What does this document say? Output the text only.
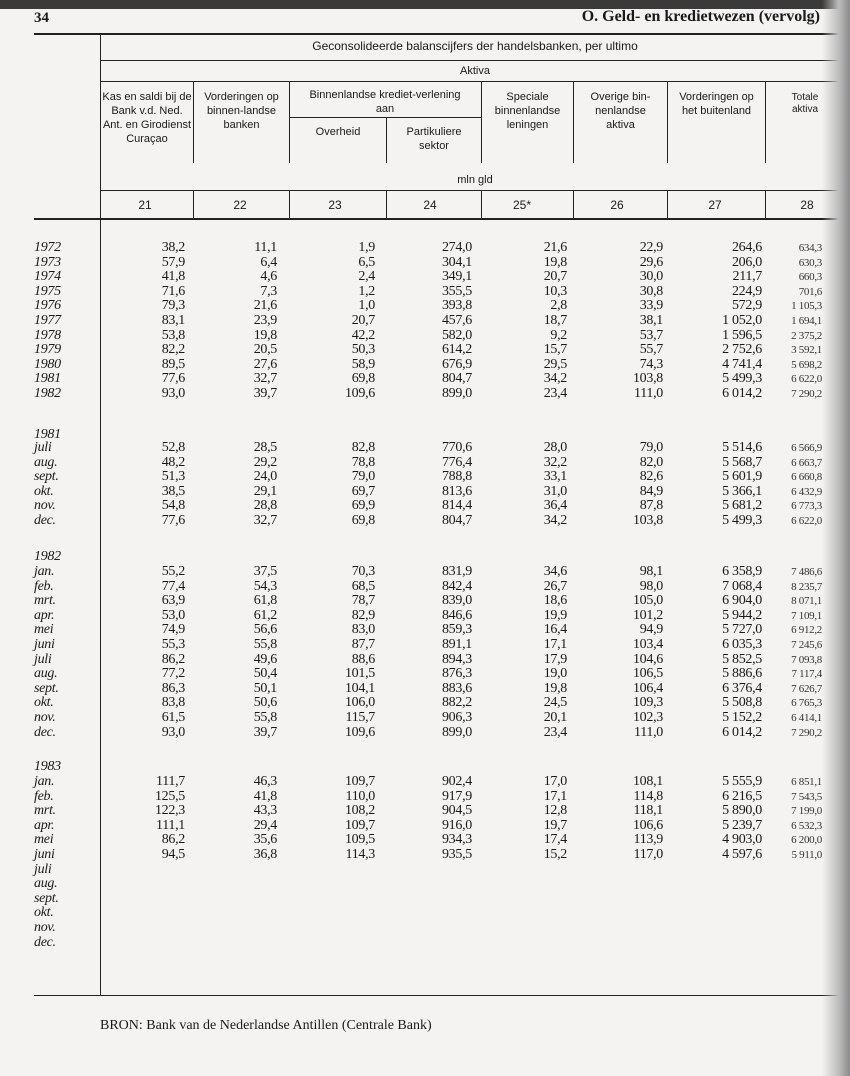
34	O. Geld- en kredietwezen (vervolg)
Geconsolideerde balanscijfers der handelsbanken, per ultimo
Aktiva
Kas en saldi bij de Bank v.d. Ned. Ant. en Girodienst Curaçao
Vorderingen op binnen-landse banken
Binnenlandse krediet-verlening aan
Overheid	Partikuliere sektor
Speciale binnenlandse leningen
Overige bin-nenlandse aktiva
Vorderingen op het buitenland
Totale aktiva
mln gld
21	22	23	24	25*	26	27	28
1972	38,2	11,1	1,9	274,0	21,6	22,9	264,6	634,3
1973	57,9	6,4	6,5	304,1	19,8	29,6	206,0	630,3
1974	41,8	4,6	2,4	349,1	20,7	30,0	211,7	660,3
1975	71,6	7,3	1,2	355,5	10,3	30,8	224,9	701,6
1976	79,3	21,6	1,0	393,8	2,8	33,9	572,9	1 105,3
1977	83,1	23,9	20,7	457,6	18,7	38,1	1 052,0	1 694,1
1978	53,8	19,8	42,2	582,0	9,2	53,7	1 596,5	2 375,2
1979	82,2	20,5	50,3	614,2	15,7	55,7	2 752,6	3 592,1
1980	89,5	27,6	58,9	676,9	29,5	74,3	4 741,4	5 698,2
1981	77,6	32,7	69,8	804,7	34,2	103,8	5 499,3	6 622,0
1982	93,0	39,7	109,6	899,0	23,4	111,0	6 014,2	7 290,2
1981
juli	52,8	28,5	82,8	770,6	28,0	79,0	5 514,6	6 566,9
aug.	48,2	29,2	78,8	776,4	32,2	82,0	5 568,7	6 663,7
sept.	51,3	24,0	79,0	788,8	33,1	82,6	5 601,9	6 660,8
okt.	38,5	29,1	69,7	813,6	31,0	84,9	5 366,1	6 432,9
nov.	54,8	28,8	69,9	814,4	36,4	87,8	5 681,2	6 773,3
dec.	77,6	32,7	69,8	804,7	34,2	103,8	5 499,3	6 622,0
1982
jan.	55,2	37,5	70,3	831,9	34,6	98,1	6 358,9	7 486,6
feb.	77,4	54,3	68,5	842,4	26,7	98,0	7 068,4	8 235,7
mrt.	63,9	61,8	78,7	839,0	18,6	105,0	6 904,0	8 071,1
apr.	53,0	61,2	82,9	846,6	19,9	101,2	5 944,2	7 109,1
mei	74,9	56,6	83,0	859,3	16,4	94,9	5 727,0	6 912,2
juni	55,3	55,8	87,7	891,1	17,1	103,4	6 035,3	7 245,6
juli	86,2	49,6	88,6	894,3	17,9	104,6	5 852,5	7 093,8
aug.	77,2	50,4	101,5	876,3	19,0	106,5	5 886,6	7 117,4
sept.	86,3	50,1	104,1	883,6	19,8	106,4	6 376,4	7 626,7
okt.	83,8	50,6	106,0	882,2	24,5	109,3	5 508,8	6 765,3
nov.	61,5	55,8	115,7	906,3	20,1	102,3	5 152,2	6 414,1
dec.	93,0	39,7	109,6	899,0	23,4	111,0	6 014,2	7 290,2
1983
jan.	111,7	46,3	109,7	902,4	17,0	108,1	5 555,9	6 851,1
feb.	125,5	41,8	110,0	917,9	17,1	114,8	6 216,5	7 543,5
mrt.	122,3	43,3	108,2	904,5	12,8	118,1	5 890,0	7 199,0
apr.	111,1	29,4	109,7	916,0	19,7	106,6	5 239,7	6 532,3
mei	86,2	35,6	109,5	934,3	17,4	113,9	4 903,0	6 200,0
juni	94,5	36,8	114,3	935,5	15,2	117,0	4 597,6	5 911,0
juli
aug.
sept.
okt.
nov.
dec.
BRON: Bank van de Nederlandse Antillen (Centrale Bank)
